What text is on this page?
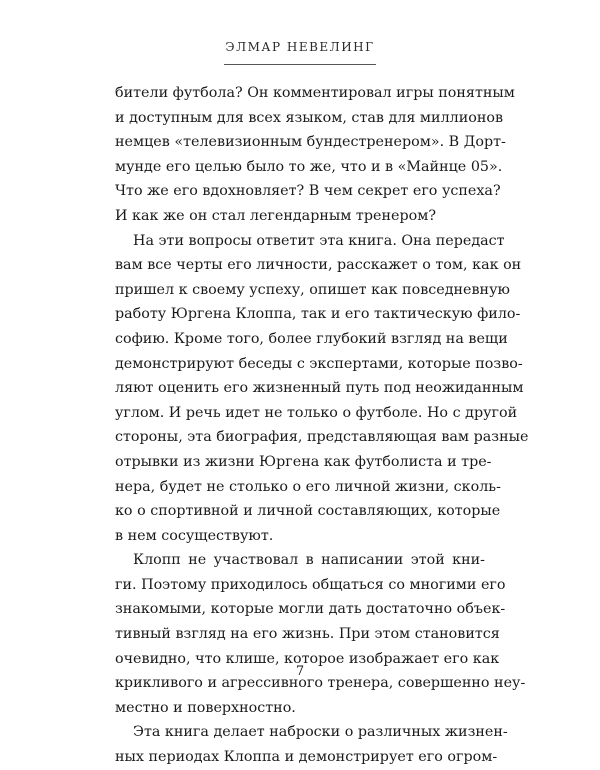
ЭЛМАР НЕВЕЛИНГ

бители футбола? Он комментировал игры понятным
и доступным для всех языком, став для миллионов
немцев «телевизионным бундестренером». В Дорт-
мунде его целью было то же, что и в «Майнце 05».
Что же его вдохновляет? В чем секрет его успеха?
И как же он стал легендарным тренером?

На эти вопросы ответит эта книга. Она передаст
вам все черты его личности, расскажет о том, как он
пришел к своему успеху, опишет как повседневную
работу Юргена Клоппа, так и его тактическую фило-
софию. Кроме того, более глубокий взгляд на вещи
демонстрируют беседы с экспертами, которые позво-
ляют оценить его жизненный путь под неожиданным
углом. И речь идет не только о футболе. Но с другой
стороны, эта биография, представляющая вам разные
отрывки из жизни Юргена как футболиста и тре-
нера, будет не столько о его личной жизни, сколь-
ко о спортивной и личной составляющих, которые
в нем сосуществуют.

Клопп не участвовал в написании этой кни-
ги. Поэтому приходилось общаться со многими его
знакомыми, которые могли дать достаточно объек-
тивный взгляд на его жизнь. При этом становится
очевидно, что клише, которое изображает его как
крикливого и агрессивного тренера, совершенно неу-
местно и поверхностно.

Эта книга делает наброски о различных жизнен-
ных периодах Клоппа и демонстрирует его огром-

7
